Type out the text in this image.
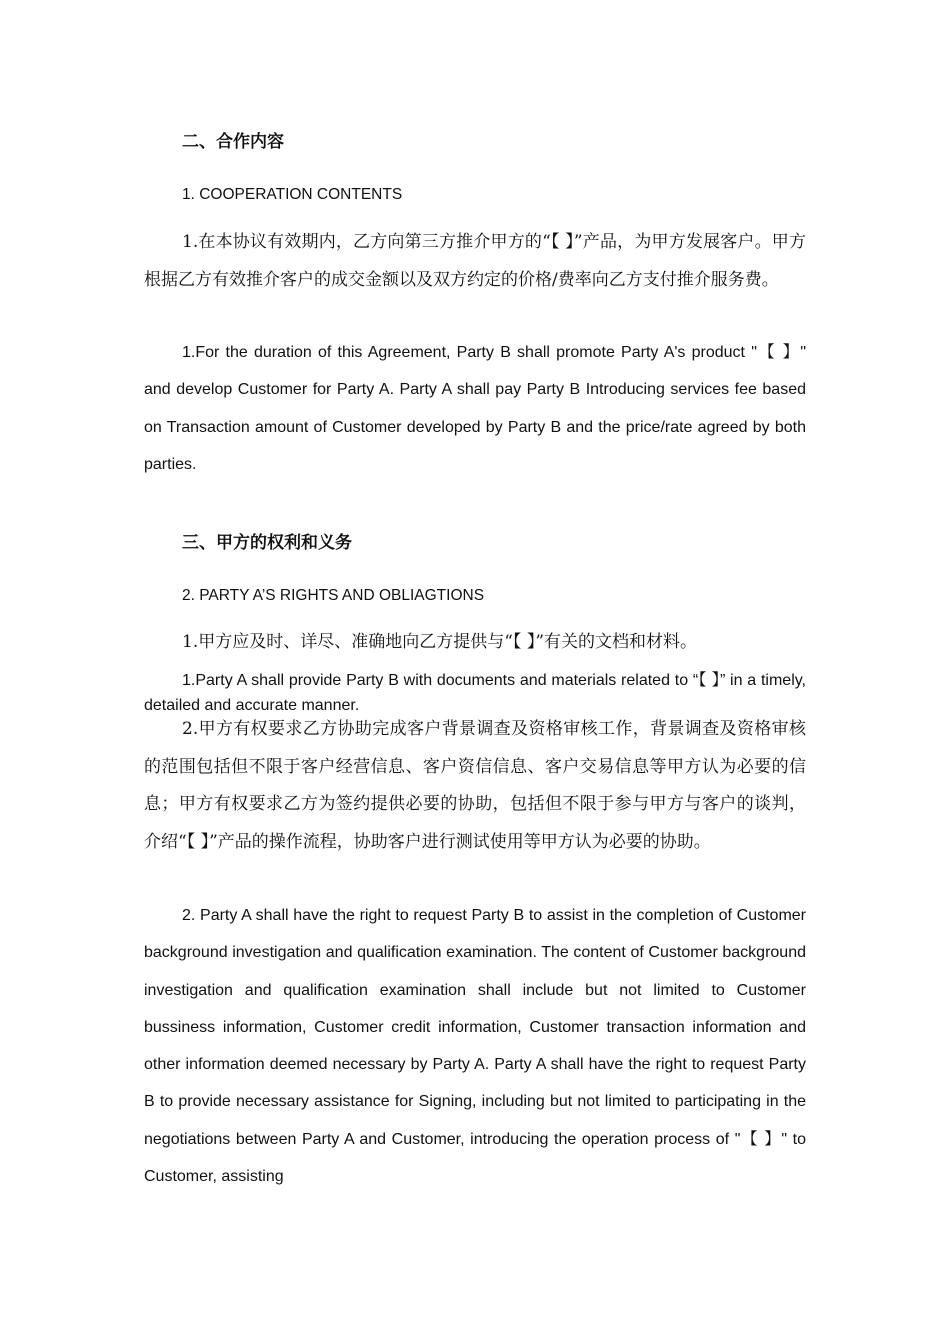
二、合作内容
1. COOPERATION CONTENTS
1.在本协议有效期内，乙方向第三方推介甲方的“【 】”产品，为甲方发展客户。甲方根据乙方有效推介客户的成交金额以及双方约定的价格/费率向乙方支付推介服务费。
1.For the duration of this Agreement, Party B shall promote Party A's product "【 】" and develop Customer for Party A. Party A shall pay Party B Introducing services fee based on Transaction amount of Customer developed by Party B and the price/rate agreed by both parties.
三、甲方的权利和义务
2. PARTY A’S RIGHTS AND OBLIAGTIONS
1.甲方应及时、详尽、准确地向乙方提供与“【 】”有关的文档和材料。
1.Party A shall provide Party B with documents and materials related to “【 】” in a timely, detailed and accurate manner.
2.甲方有权要求乙方协助完成客户背景调查及资格审核工作，背景调查及资格审核的范围包括但不限于客户经营信息、客户资信信息、客户交易信息等甲方认为必要的信息；甲方有权要求乙方为签约提供必要的协助，包括但不限于参与甲方与客户的谈判，介绍“【 】”产品的操作流程，协助客户进行测试使用等甲方认为必要的协助。
2. Party A shall have the right to request Party B to assist in the completion of Customer background investigation and qualification examination. The content of Customer background investigation and qualification examination shall include but not limited to Customer bussiness information, Customer credit information, Customer transaction information and other information deemed necessary by Party A. Party A shall have the right to request Party B to provide necessary assistance for Signing, including but not limited to participating in the negotiations between Party A and Customer, introducing the operation process of "【 】" to Customer, assisting
